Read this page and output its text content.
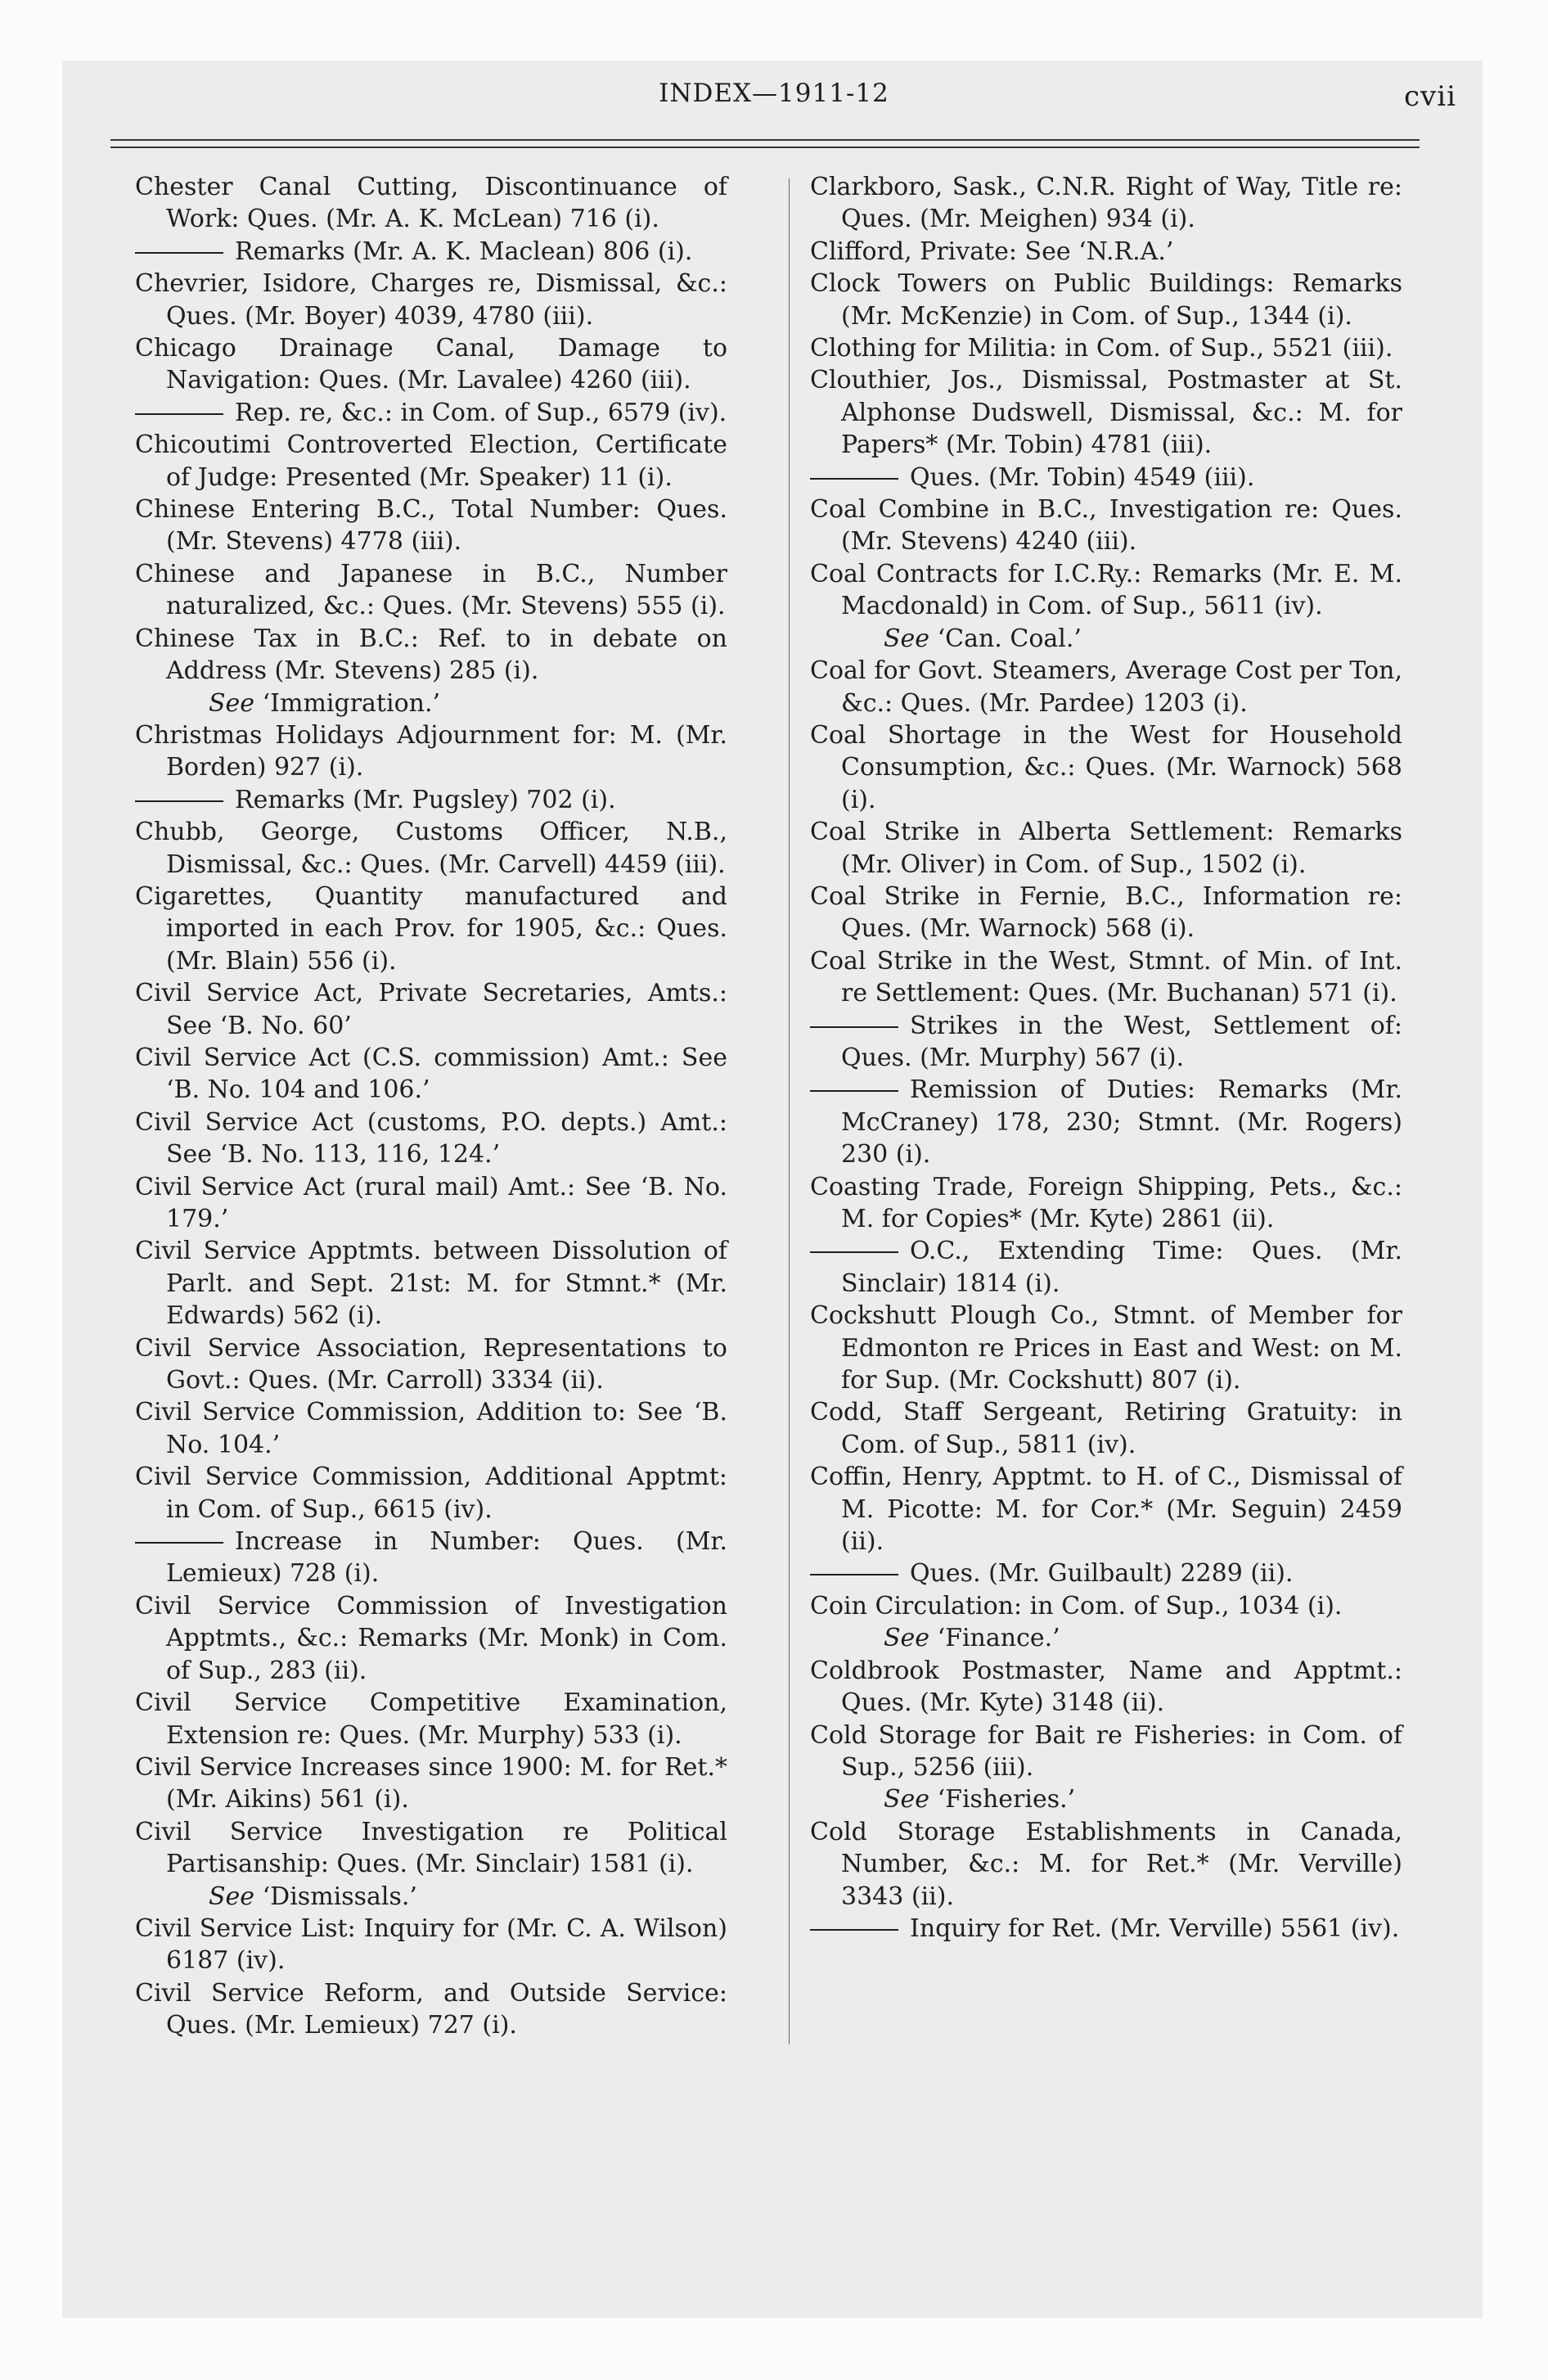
INDEX—1911-12	cvii
Chester Canal Cutting, Discontinuance of Work: Ques. (Mr. A. K. McLean) 716 (i).
Remarks (Mr. A. K. Maclean) 806 (i).
Chevrier, Isidore, Charges re, Dismissal, &c.: Ques. (Mr. Boyer) 4039, 4780 (iii).
Chicago Drainage Canal, Damage to Navigation: Ques. (Mr. Lavalee) 4260 (iii).
Rep. re, &c.: in Com. of Sup., 6579 (iv).
Chicoutimi Controverted Election, Certificate of Judge: Presented (Mr. Speaker) 11 (i).
Chinese Entering B.C., Total Number: Ques. (Mr. Stevens) 4778 (iii).
Chinese and Japanese in B.C., Number naturalized, &c.: Ques. (Mr. Stevens) 555 (i).
Chinese Tax in B.C.: Ref. to in debate on Address (Mr. Stevens) 285 (i).
See ‘Immigration.’
Christmas Holidays Adjournment for: M. (Mr. Borden) 927 (i).
Remarks (Mr. Pugsley) 702 (i).
Chubb, George, Customs Officer, N.B., Dismissal, &c.: Ques. (Mr. Carvell) 4459 (iii).
Cigarettes, Quantity manufactured and imported in each Prov. for 1905, &c.: Ques. (Mr. Blain) 556 (i).
Civil Service Act, Private Secretaries, Amts.: See ‘B. No. 60’
Civil Service Act (C.S. commission) Amt.: See ‘B. No. 104 and 106.’
Civil Service Act (customs, P.O. depts.) Amt.: See ‘B. No. 113, 116, 124.’
Civil Service Act (rural mail) Amt.: See ‘B. No. 179.’
Civil Service Apptmts. between Dissolution of Parlt. and Sept. 21st: M. for Stmnt.* (Mr. Edwards) 562 (i).
Civil Service Association, Representations to Govt.: Ques. (Mr. Carroll) 3334 (ii).
Civil Service Commission, Addition to: See ‘B. No. 104.’
Civil Service Commission, Additional Apptmt: in Com. of Sup., 6615 (iv).
Increase in Number: Ques. (Mr. Lemieux) 728 (i).
Civil Service Commission of Investigation Apptmts., &c.: Remarks (Mr. Monk) in Com. of Sup., 283 (ii).
Civil Service Competitive Examination, Extension re: Ques. (Mr. Murphy) 533 (i).
Civil Service Increases since 1900: M. for Ret.* (Mr. Aikins) 561 (i).
Civil Service Investigation re Political Partisanship: Ques. (Mr. Sinclair) 1581 (i).
See ‘Dismissals.’
Civil Service List: Inquiry for (Mr. C. A. Wilson) 6187 (iv).
Civil Service Reform, and Outside Service: Ques. (Mr. Lemieux) 727 (i).
Clarkboro, Sask., C.N.R. Right of Way, Title re: Ques. (Mr. Meighen) 934 (i).
Clifford, Private: See ‘N.R.A.’
Clock Towers on Public Buildings: Remarks (Mr. McKenzie) in Com. of Sup., 1344 (i).
Clothing for Militia: in Com. of Sup., 5521 (iii).
Clouthier, Jos., Dismissal, Postmaster at St. Alphonse Dudswell, Dismissal, &c.: M. for Papers* (Mr. Tobin) 4781 (iii).
Ques. (Mr. Tobin) 4549 (iii).
Coal Combine in B.C., Investigation re: Ques. (Mr. Stevens) 4240 (iii).
Coal Contracts for I.C.Ry.: Remarks (Mr. E. M. Macdonald) in Com. of Sup., 5611 (iv).
See ‘Can. Coal.’
Coal for Govt. Steamers, Average Cost per Ton, &c.: Ques. (Mr. Pardee) 1203 (i).
Coal Shortage in the West for Household Consumption, &c.: Ques. (Mr. Warnock) 568 (i).
Coal Strike in Alberta Settlement: Remarks (Mr. Oliver) in Com. of Sup., 1502 (i).
Coal Strike in Fernie, B.C., Information re: Ques. (Mr. Warnock) 568 (i).
Coal Strike in the West, Stmnt. of Min. of Int. re Settlement: Ques. (Mr. Buchanan) 571 (i).
Strikes in the West, Settlement of: Ques. (Mr. Murphy) 567 (i).
Remission of Duties: Remarks (Mr. McCraney) 178, 230; Stmnt. (Mr. Rogers) 230 (i).
Coasting Trade, Foreign Shipping, Pets., &c.: M. for Copies* (Mr. Kyte) 2861 (ii).
O.C., Extending Time: Ques. (Mr. Sinclair) 1814 (i).
Cockshutt Plough Co., Stmnt. of Member for Edmonton re Prices in East and West: on M. for Sup. (Mr. Cockshutt) 807 (i).
Codd, Staff Sergeant, Retiring Gratuity: in Com. of Sup., 5811 (iv).
Coffin, Henry, Apptmt. to H. of C., Dismissal of M. Picotte: M. for Cor.* (Mr. Seguin) 2459 (ii).
Ques. (Mr. Guilbault) 2289 (ii).
Coin Circulation: in Com. of Sup., 1034 (i).
See ‘Finance.’
Coldbrook Postmaster, Name and Apptmt.: Ques. (Mr. Kyte) 3148 (ii).
Cold Storage for Bait re Fisheries: in Com. of Sup., 5256 (iii).
See ‘Fisheries.’
Cold Storage Establishments in Canada, Number, &c.: M. for Ret.* (Mr. Verville) 3343 (ii).
Inquiry for Ret. (Mr. Verville) 5561 (iv).
